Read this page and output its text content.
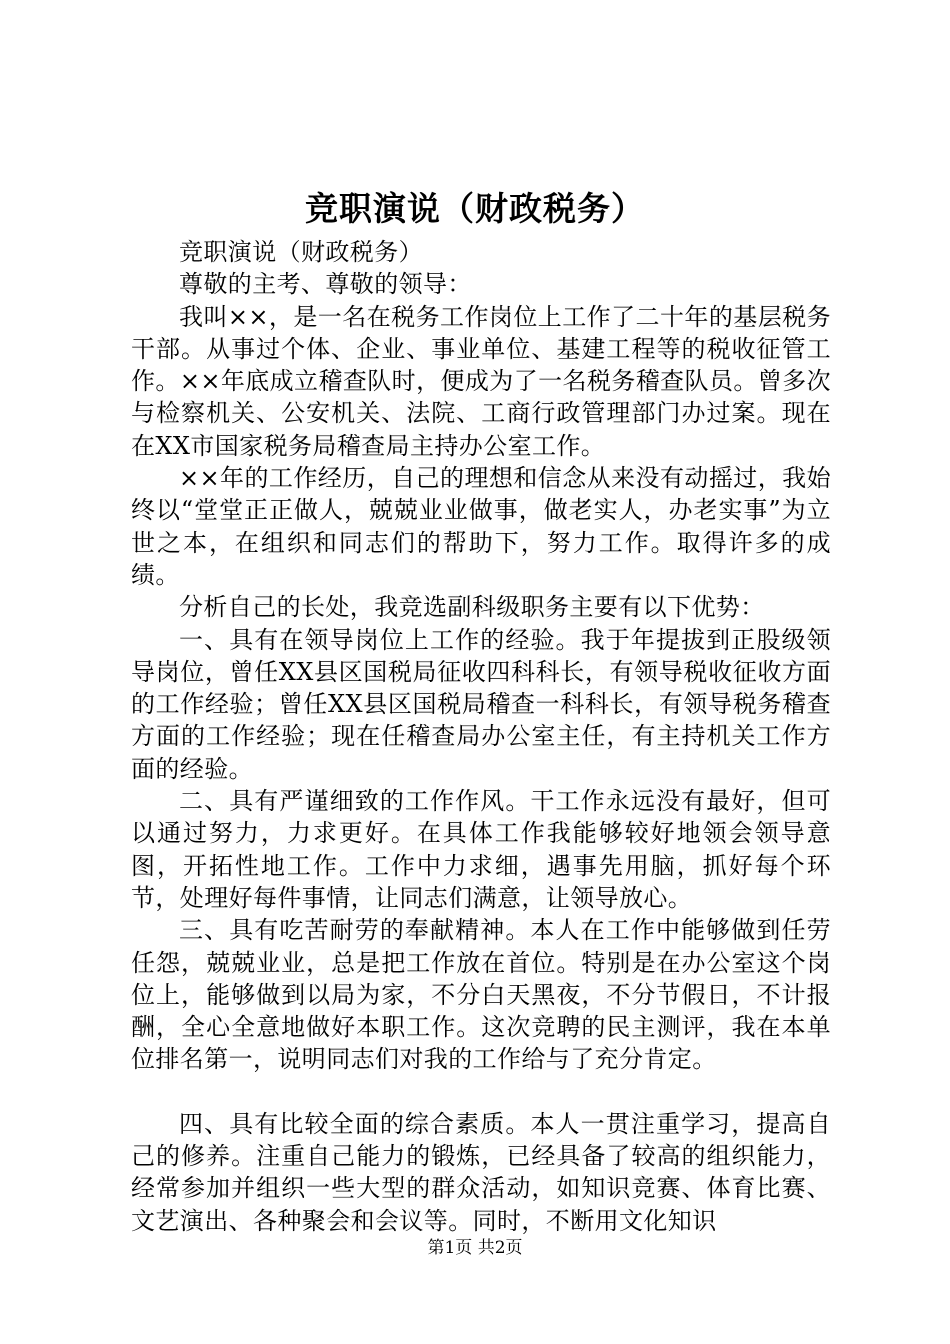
竞职演说（财政税务）

竞职演说（财政税务）

尊敬的主考、尊敬的领导：

我叫××，是一名在税务工作岗位上工作了二十年的基层税务干部。从事过个体、企业、事业单位、基建工程等的税收征管工作。××年底成立稽查队时，便成为了一名税务稽查队员。曾多次与检察机关、公安机关、法院、工商行政管理部门办过案。现在在XX市国家税务局稽查局主持办公室工作。

××年的工作经历，自己的理想和信念从来没有动摇过，我始终以“堂堂正正做人，兢兢业业做事，做老实人，办老实事”为立世之本，在组织和同志们的帮助下，努力工作。取得许多的成绩。

分析自己的长处，我竞选副科级职务主要有以下优势：

一、具有在领导岗位上工作的经验。我于年提拔到正股级领导岗位，曾任XX县区国税局征收四科科长，有领导税收征收方面的工作经验；曾任XX县区国税局稽查一科科长，有领导税务稽查方面的工作经验；现在任稽查局办公室主任，有主持机关工作方面的经验。

二、具有严谨细致的工作作风。干工作永远没有最好，但可以通过努力，力求更好。在具体工作我能够较好地领会领导意图，开拓性地工作。工作中力求细，遇事先用脑，抓好每个环节，处理好每件事情，让同志们满意，让领导放心。

三、具有吃苦耐劳的奉献精神。本人在工作中能够做到任劳任怨，兢兢业业，总是把工作放在首位。特别是在办公室这个岗位上，能够做到以局为家，不分白天黑夜，不分节假日，不计报酬，全心全意地做好本职工作。这次竞聘的民主测评，我在本单位排名第一，说明同志们对我的工作给与了充分肯定。

四、具有比较全面的综合素质。本人一贯注重学习，提高自己的修养。注重自己能力的锻炼，已经具备了较高的组织能力，经常参加并组织一些大型的群众活动，如知识竞赛、体育比赛、文艺演出、各种聚会和会议等。同时，不断用文化知识

第1页 共2页
